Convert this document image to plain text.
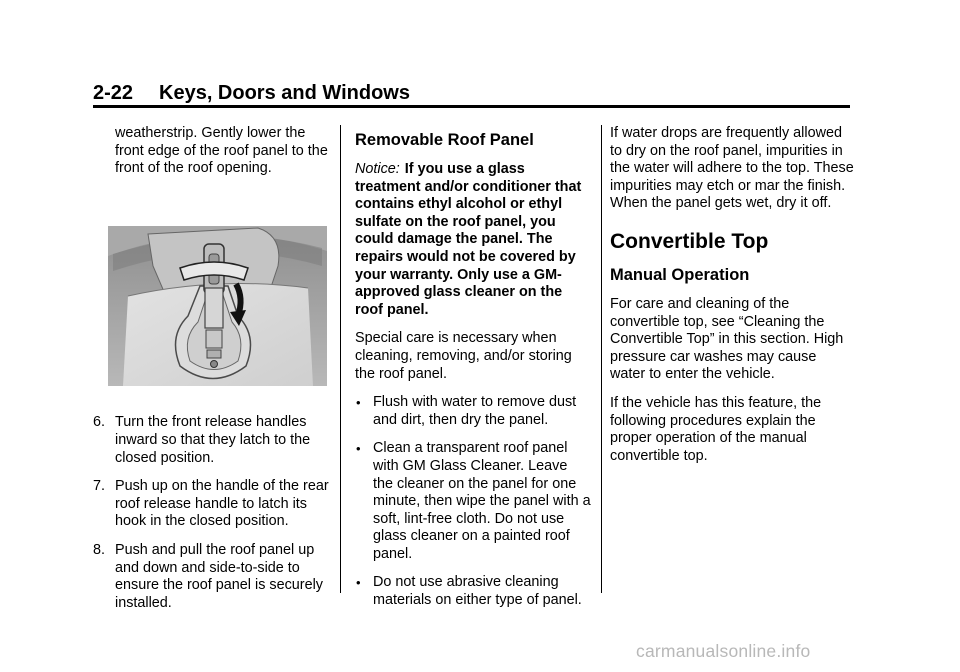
2-22 Keys, Doors and Windows

weatherstrip. Gently lower the front edge of the roof panel to the front of the roof opening.

6. Turn the front release handles inward so that they latch to the closed position.
7. Push up on the handle of the rear roof release handle to latch its hook in the closed position.
8. Push and pull the roof panel up and down and side-to-side to ensure the roof panel is securely installed.
Removable Roof Panel

Notice: If you use a glass treatment and/or conditioner that contains ethyl alcohol or ethyl sulfate on the roof panel, you could damage the panel. The repairs would not be covered by your warranty. Only use a GM-approved glass cleaner on the roof panel.

Special care is necessary when cleaning, removing, and/or storing the roof panel.

• Flush with water to remove dust and dirt, then dry the panel.
• Clean a transparent roof panel with GM Glass Cleaner. Leave the cleaner on the panel for one minute, then wipe the panel with a soft, lint-free cloth. Do not use glass cleaner on a painted roof panel.
• Do not use abrasive cleaning materials on either type of panel.

If water drops are frequently allowed to dry on the roof panel, impurities in the water will adhere to the top. These impurities may etch or mar the finish. When the panel gets wet, dry it off.

Convertible Top
Manual Operation

For care and cleaning of the convertible top, see “Cleaning the Convertible Top” in this section. High pressure car washes may cause water to enter the vehicle.

If the vehicle has this feature, the following procedures explain the proper operation of the manual convertible top.

carmanualsonline.info
